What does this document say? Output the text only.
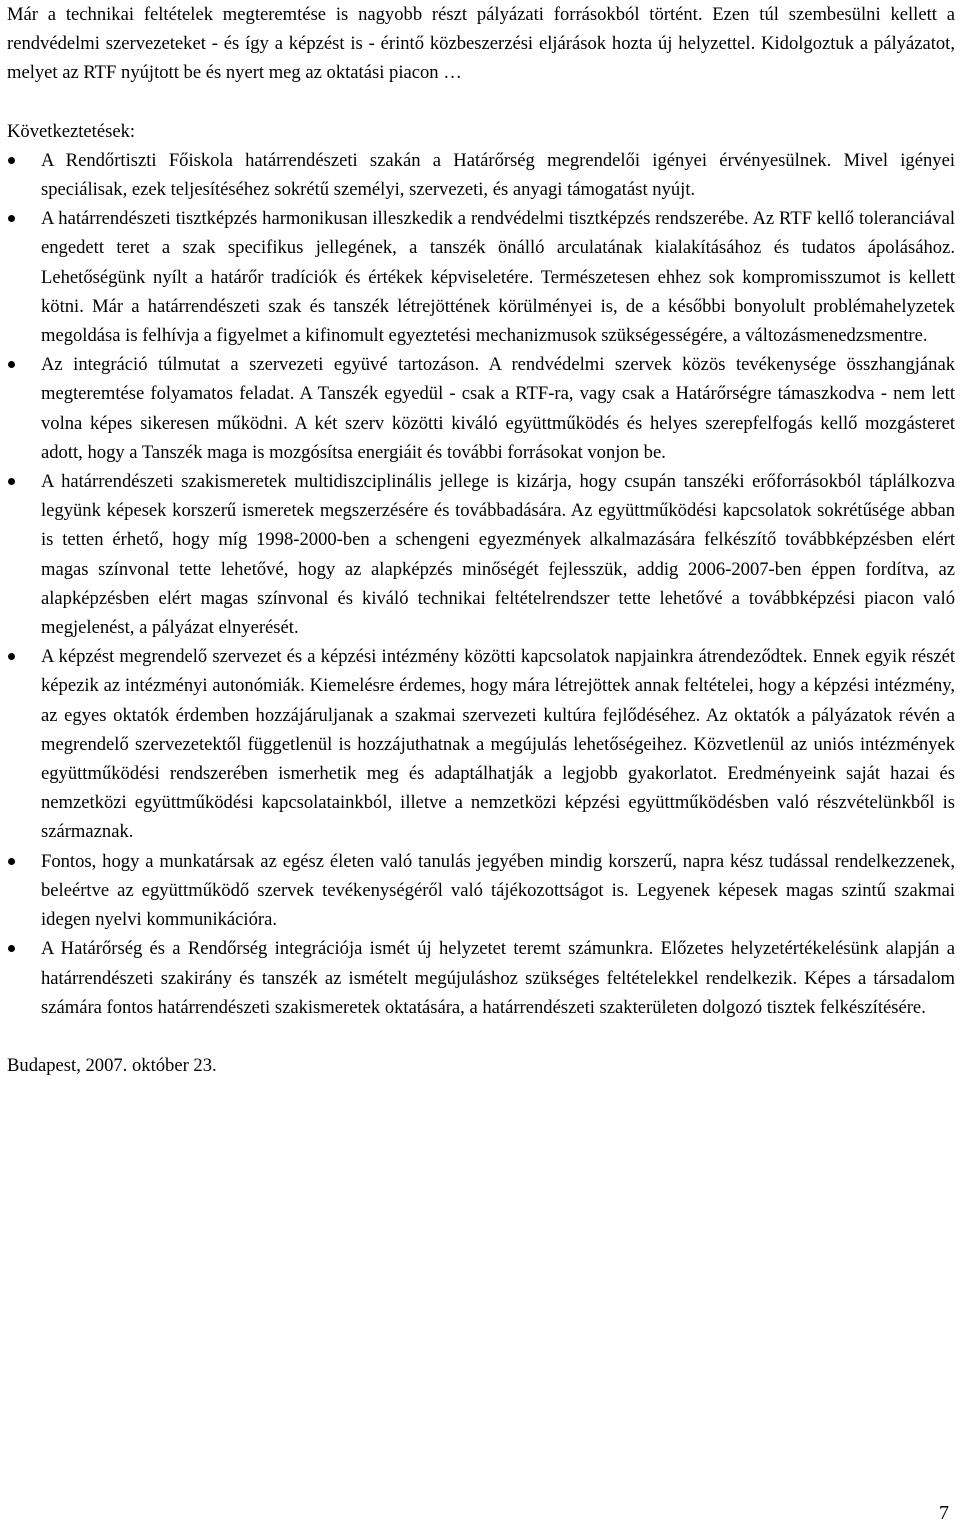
Már a technikai feltételek megteremtése is nagyobb részt pályázati forrásokból történt. Ezen túl szembesülni kellett a rendvédelmi szervezeteket - és így a képzést is - érintő közbeszerzési eljárások hozta új helyzettel. Kidolgoztuk a pályázatot, melyet az RTF nyújtott be és nyert meg az oktatási piacon …

Következtetések:

A Rendőrtiszti Főiskola határrendészeti szakán a Határőrség megrendelői igényei érvényesülnek. Mivel igényei speciálisak, ezek teljesítéséhez sokrétű személyi, szervezeti, és anyagi támogatást nyújt.
A határrendészeti tisztképzés harmonikusan illeszkedik a rendvédelmi tisztképzés rendszerébe. Az RTF kellő toleranciával engedett teret a szak specifikus jellegének, a tanszék önálló arculatának kialakításához és tudatos ápolásához. Lehetőségünk nyílt a határőr tradíciók és értékek képviseletére. Természetesen ehhez sok kompromisszumot is kellett kötni. Már a határrendészeti szak és tanszék létrejöttének körülményei is, de a későbbi bonyolult problémahelyzetek megoldása is felhívja a figyelmet a kifinomult egyeztetési mechanizmusok szükségességére, a változásmenedzsmentre.
Az integráció túlmutat a szervezeti együvé tartozáson. A rendvédelmi szervek közös tevékenysége összhangjának megteremtése folyamatos feladat. A Tanszék egyedül - csak a RTF-ra, vagy csak a Határőrségre támaszkodva - nem lett volna képes sikeresen működni. A két szerv közötti kiváló együttműködés és helyes szerepfelfogás kellő mozgásteret adott, hogy a Tanszék maga is mozgósítsa energiáit és további forrásokat vonjon be.
A határrendészeti szakismeretek multidiszciplinális jellege is kizárja, hogy csupán tanszéki erőforrásokból táplálkozva legyünk képesek korszerű ismeretek megszerzésére és továbbadására. Az együttműködési kapcsolatok sokrétűsége abban is tetten érhető, hogy míg 1998-2000-ben a schengeni egyezmények alkalmazására felkészítő továbbképzésben elért magas színvonal tette lehetővé, hogy az alapképzés minőségét fejlesszük, addig 2006-2007-ben éppen fordítva, az alapképzésben elért magas színvonal és kiváló technikai feltételrendszer tette lehetővé a továbbképzési piacon való megjelenést, a pályázat elnyerését.
A képzést megrendelő szervezet és a képzési intézmény közötti kapcsolatok napjainkra átrendeződtek. Ennek egyik részét képezik az intézményi autonómiák. Kiemelésre érdemes, hogy mára létrejöttek annak feltételei, hogy a képzési intézmény, az egyes oktatók érdemben hozzájáruljanak a szakmai szervezeti kultúra fejlődéséhez. Az oktatók a pályázatok révén a megrendelő szervezetektől függetlenül is hozzájuthatnak a megújulás lehetőségeihez. Közvetlenül az uniós intézmények együttműködési rendszerében ismerhetik meg és adaptálhatják a legjobb gyakorlatot. Eredményeink saját hazai és nemzetközi együttműködési kapcsolatainkból, illetve a nemzetközi képzési együttműködésben való részvételünkből is származnak.
Fontos, hogy a munkatársak az egész életen való tanulás jegyében mindig korszerű, napra kész tudással rendelkezzenek, beleértve az együttműködő szervek tevékenységéről való tájékozottságot is. Legyenek képesek magas szintű szakmai idegen nyelvi kommunikációra.
A Határőrség és a Rendőrség integrációja ismét új helyzetet teremt számunkra. Előzetes helyzetértékelésünk alapján a határrendészeti szakirány és tanszék az ismételt megújuláshoz szükséges feltételekkel rendelkezik. Képes a társadalom számára fontos határrendészeti szakismeretek oktatására, a határrendészeti szakterületen dolgozó tisztek felkészítésére.

Budapest, 2007. október 23.

7
